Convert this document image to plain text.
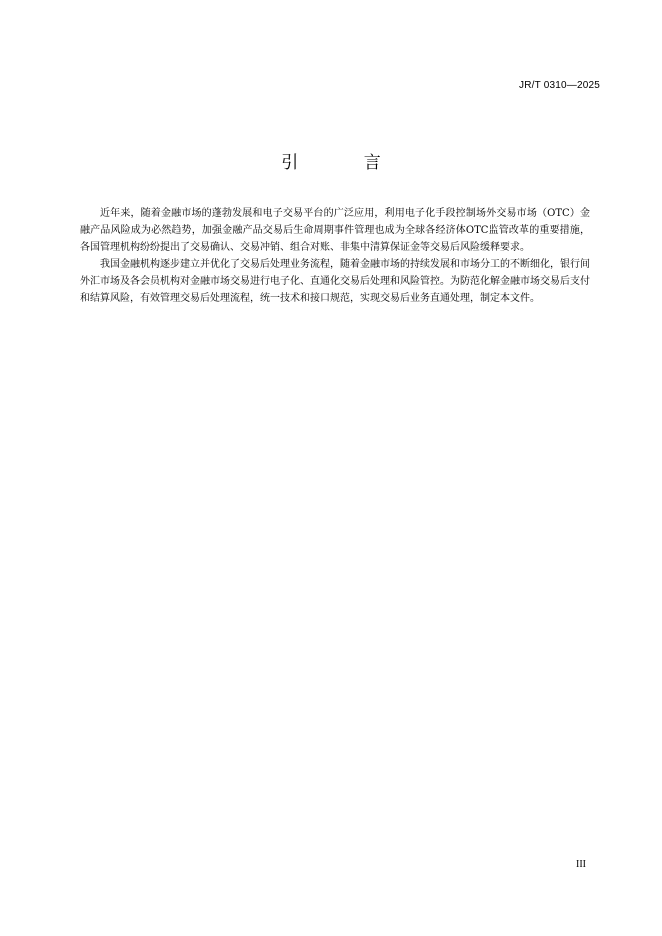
JR/T 0310—2025
引 言

近年来，随着金融市场的蓬勃发展和电子交易平台的广泛应用，利用电子化手段控制场外交易市场（OTC）金融产品风险成为必然趋势，加强金融产品交易后生命周期事件管理也成为全球各经济体OTC监管改革的重要措施，各国管理机构纷纷提出了交易确认、交易冲销、组合对账、非集中清算保证金等交易后风险缓释要求。

我国金融机构逐步建立并优化了交易后处理业务流程，随着金融市场的持续发展和市场分工的不断细化，银行间外汇市场及各会员机构对金融市场交易进行电子化、直通化交易后处理和风险管控。为防范化解金融市场交易后支付和结算风险，有效管理交易后处理流程，统一技术和接口规范，实现交易后业务直通处理，制定本文件。

III
